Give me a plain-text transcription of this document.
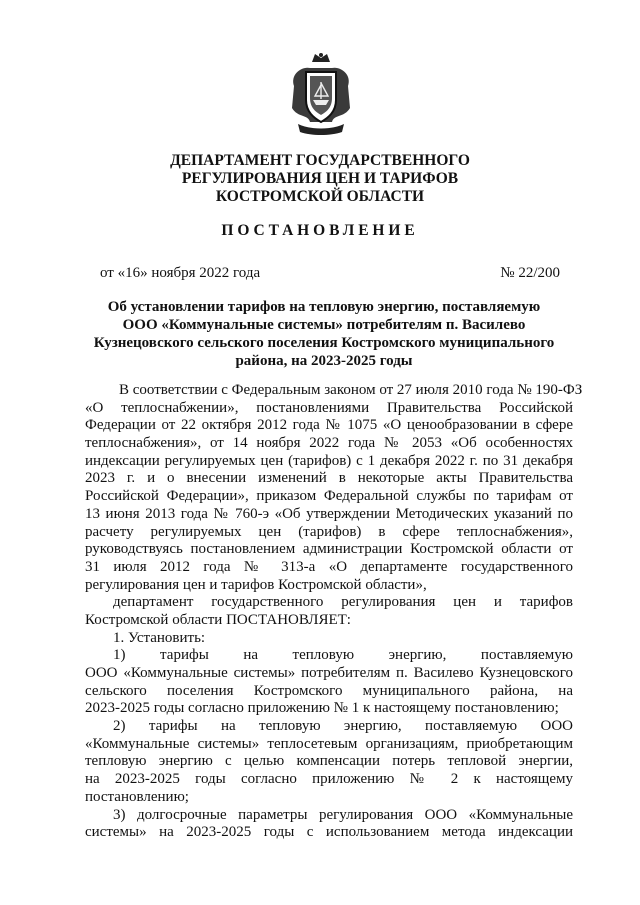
ДЕПАРТАМЕНТ ГОСУДАРСТВЕННОГО
РЕГУЛИРОВАНИЯ ЦЕН И ТАРИФОВ
КОСТРОМСКОЙ ОБЛАСТИ
ПОСТАНОВЛЕНИЕ
от «16» ноября 2022 года	№ 22/200
Об установлении тарифов на тепловую энергию, поставляемую
ООО «Коммунальные системы» потребителям п. Василево
Кузнецовского сельского поселения Костромского муниципального
района, на 2023-2025 годы
В соответствии с Федеральным законом от 27 июля 2010 года № 190-ФЗ
«О теплоснабжении», постановлениями Правительства Российской
Федерации от 22 октября 2012 года № 1075 «О ценообразовании в сфере
теплоснабжения», от 14 ноября 2022 года № 2053 «Об особенностях
индексации регулируемых цен (тарифов) с 1 декабря 2022 г. по 31 декабря
2023 г. и о внесении изменений в некоторые акты Правительства
Российской Федерации», приказом Федеральной службы по тарифам от
13 июня 2013 года № 760-э «Об утверждении Методических указаний по
расчету регулируемых цен (тарифов) в сфере теплоснабжения»,
руководствуясь постановлением администрации Костромской области от
31 июля 2012 года № 313-а «О департаменте государственного
регулирования цен и тарифов Костромской области»,
департамент государственного регулирования цен и тарифов
Костромской области ПОСТАНОВЛЯЕТ:
1. Установить:
1) тарифы на тепловую энергию, поставляемую
ООО «Коммунальные системы» потребителям п. Василево Кузнецовского
сельского поселения Костромского муниципального района, на
2023-2025 годы согласно приложению № 1 к настоящему постановлению;
2) тарифы на тепловую энергию, поставляемую ООО
«Коммунальные системы» теплосетевым организациям, приобретающим
тепловую энергию с целью компенсации потерь тепловой энергии,
на 2023-2025 годы согласно приложению № 2 к настоящему
постановлению;
3) долгосрочные параметры регулирования ООО «Коммунальные
системы» на 2023-2025 годы с использованием метода индексации
